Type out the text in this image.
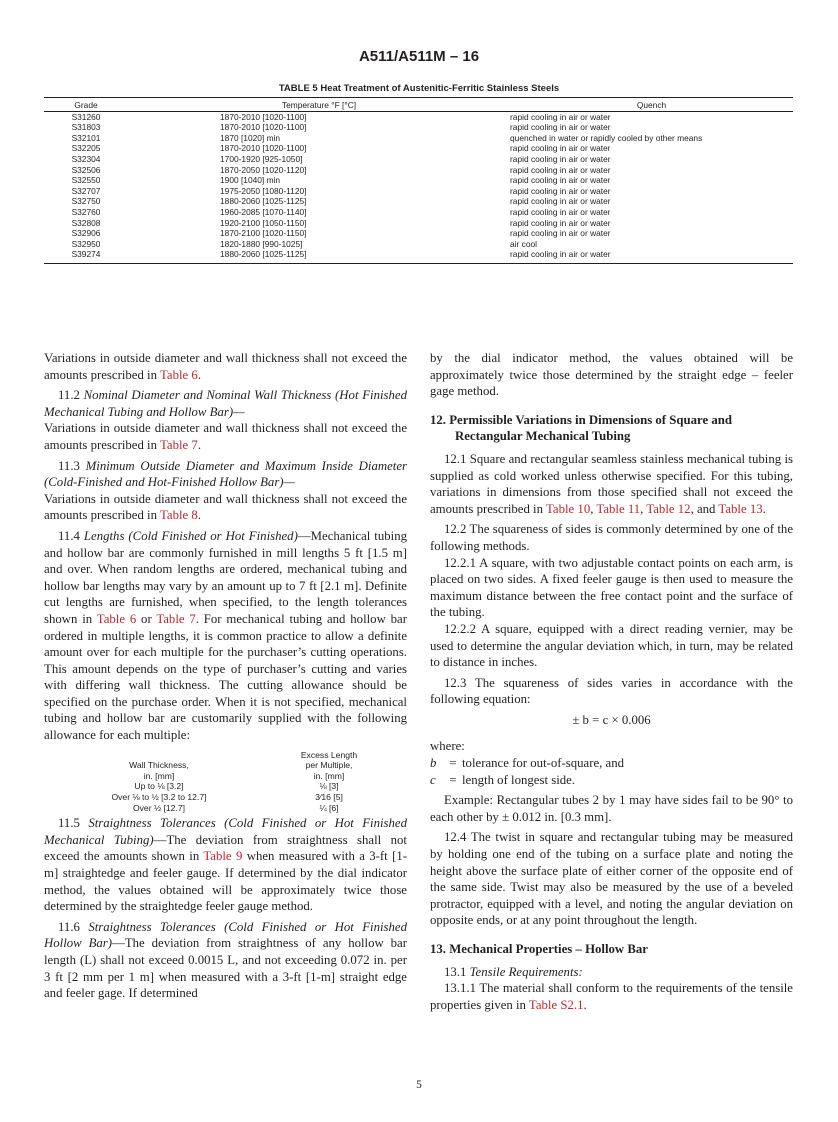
A511/A511M – 16
TABLE 5 Heat Treatment of Austenitic-Ferritic Stainless Steels
Grade	Temperature °F [°C]	Quench
S31260	1870-2010 [1020-1100]	rapid cooling in air or water
S31803	1870-2010 [1020-1100]	rapid cooling in air or water
S32101	1870 [1020] min	quenched in water or rapidly cooled by other means
S32205	1870-2010 [1020-1100]	rapid cooling in air or water
S32304	1700-1920 [925-1050]	rapid cooling in air or water
S32506	1870-2050 [1020-1120]	rapid cooling in air or water
S32550	1900 [1040] min	rapid cooling in air or water
S32707	1975-2050 [1080-1120]	rapid cooling in air or water
S32750	1880-2060 [1025-1125]	rapid cooling in air or water
S32760	1960-2085 [1070-1140]	rapid cooling in air or water
S32808	1920-2100 [1050-1150]	rapid cooling in air or water
S32906	1870-2100 [1020-1150]	rapid cooling in air or water
S32950	1820-1880 [990-1025]	air cool
S39274	1880-2060 [1025-1125]	rapid cooling in air or water

Variations in outside diameter and wall thickness shall not exceed the amounts prescribed in Table 6.

11.2 Nominal Diameter and Nominal Wall Thickness (Hot Finished Mechanical Tubing and Hollow Bar)—
Variations in outside diameter and wall thickness shall not exceed the amounts prescribed in Table 7.

11.3 Minimum Outside Diameter and Maximum Inside Diameter (Cold-Finished and Hot-Finished Hollow Bar)—
Variations in outside diameter and wall thickness shall not exceed the amounts prescribed in Table 8.

11.4 Lengths (Cold Finished or Hot Finished)—Mechanical tubing and hollow bar are commonly furnished in mill lengths 5 ft [1.5 m] and over. When random lengths are ordered, mechanical tubing and hollow bar lengths may vary by an amount up to 7 ft [2.1 m]. Definite cut lengths are furnished, when specified, to the length tolerances shown in Table 6 or Table 7. For mechanical tubing and hollow bar ordered in multiple lengths, it is common practice to allow a definite amount over for each multiple for the purchaser’s cutting operations. This amount depends on the type of purchaser’s cutting and varies with differing wall thickness. The cutting allowance should be specified on the purchase order. When it is not specified, mechanical tubing and hollow bar are customarily supplied with the following allowance for each multiple:

Wall Thickness,
in. [mm]	Excess Length
per Multiple,
in. [mm]
Up to ⅛ [3.2]	⅛ [3]
Over ⅛ to ½ [3.2 to 12.7]	3⁄16 [5]
Over ½ [12.7]	¼ [6]

11.5 Straightness Tolerances (Cold Finished or Hot Finished Mechanical Tubing)—The deviation from straightness shall not exceed the amounts shown in Table 9 when measured with a 3-ft [1-m] straightedge and feeler gauge. If determined by the dial indicator method, the values obtained will be approximately twice those determined by the straightedge feeler gauge method.

11.6 Straightness Tolerances (Cold Finished or Hot Finished Hollow Bar)—The deviation from straightness of any hollow bar length (L) shall not exceed 0.0015 L, and not exceeding 0.072 in. per 3 ft [2 mm per 1 m] when measured with a 3-ft [1-m] straight edge and feeler gage. If determined

by the dial indicator method, the values obtained will be approximately twice those determined by the straight edge – feeler gage method.

12. Permissible Variations in Dimensions of Square and Rectangular Mechanical Tubing

12.1 Square and rectangular seamless stainless mechanical tubing is supplied as cold worked unless otherwise specified. For this tubing, variations in dimensions from those specified shall not exceed the amounts prescribed in Table 10, Table 11, Table 12, and Table 13.

12.2 The squareness of sides is commonly determined by one of the following methods.

12.2.1 A square, with two adjustable contact points on each arm, is placed on two sides. A fixed feeler gauge is then used to measure the maximum distance between the free contact point and the surface of the tubing.

12.2.2 A square, equipped with a direct reading vernier, may be used to determine the angular deviation which, in turn, may be related to distance in inches.

12.3 The squareness of sides varies in accordance with the following equation:

± b = c × 0.006

where:

b	= tolerance for out-of-square, and
c	= length of longest side.

Example: Rectangular tubes 2 by 1 may have sides fail to be 90° to each other by ± 0.012 in. [0.3 mm].

12.4 The twist in square and rectangular tubing may be measured by holding one end of the tubing on a surface plate and noting the height above the surface plate of either corner of the opposite end of the same side. Twist may also be measured by the use of a beveled protractor, equipped with a level, and noting the angular deviation on opposite ends, or at any point throughout the length.

13. Mechanical Properties – Hollow Bar

13.1 Tensile Requirements:

13.1.1 The material shall conform to the requirements of the tensile properties given in Table S2.1.

5
